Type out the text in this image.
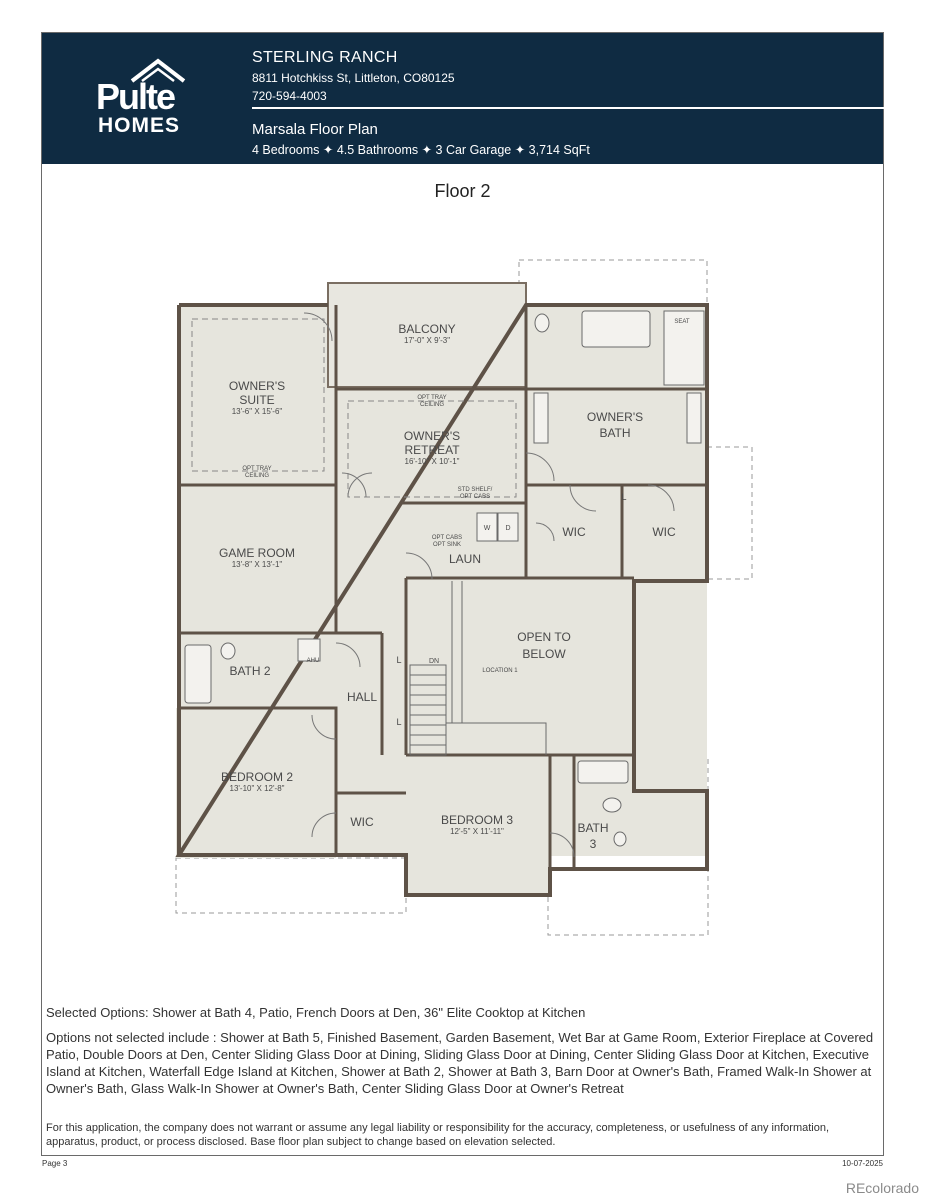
Pulte
HOMES
STERLING RANCH
8811 Hotchkiss St, Littleton, CO80125
720-594-4003
Marsala Floor Plan
4 Bedrooms ✦ 4.5 Bathrooms ✦ 3 Car Garage ✦ 3,714 SqFt
Floor 2
BALCONY
17'-0" X 9'-3"
OWNER'S
SUITE
13'-6" X 15'-6"
OPT TRAY
CEILING
OPT TRAY
CEILING
OWNER'S
RETREAT
16'-10" X 10'-1"
OWNER'S
BATH
SEAT
WIC	WIC
L
GAME ROOM
13'-8" X 13'-1"
STD SHELF/
OPT CABS
OPT CABS
OPT SINK
W D
LAUN
OPEN TO
BELOW
LOCATION 1
DN
BATH 2
AHU
HALL
L
L
BEDROOM 2
13'-10" X 12'-8"
WIC	BEDROOM 3
12'-5" X 11'-11"	BATH
3
Selected Options: Shower at Bath 4, Patio, French Doors at Den, 36" Elite Cooktop at Kitchen
Options not selected include : Shower at Bath 5, Finished Basement, Garden Basement, Wet Bar at Game Room, Exterior Fireplace at Covered Patio, Double Doors at Den, Center Sliding Glass Door at Dining, Sliding Glass Door at Dining, Center Sliding Glass Door at Kitchen, Executive Island at Kitchen, Waterfall Edge Island at Kitchen, Shower at Bath 2, Shower at Bath 3, Barn Door at Owner's Bath, Framed Walk-In Shower at Owner's Bath, Glass Walk-In Shower at Owner's Bath, Center Sliding Glass Door at Owner's Retreat
For this application, the company does not warrant or assume any legal liability or responsibility for the accuracy, completeness, or usefulness of any information, apparatus, product, or process disclosed. Base floor plan subject to change based on elevation selected.
Page 3	10-07-2025
REcolorado
